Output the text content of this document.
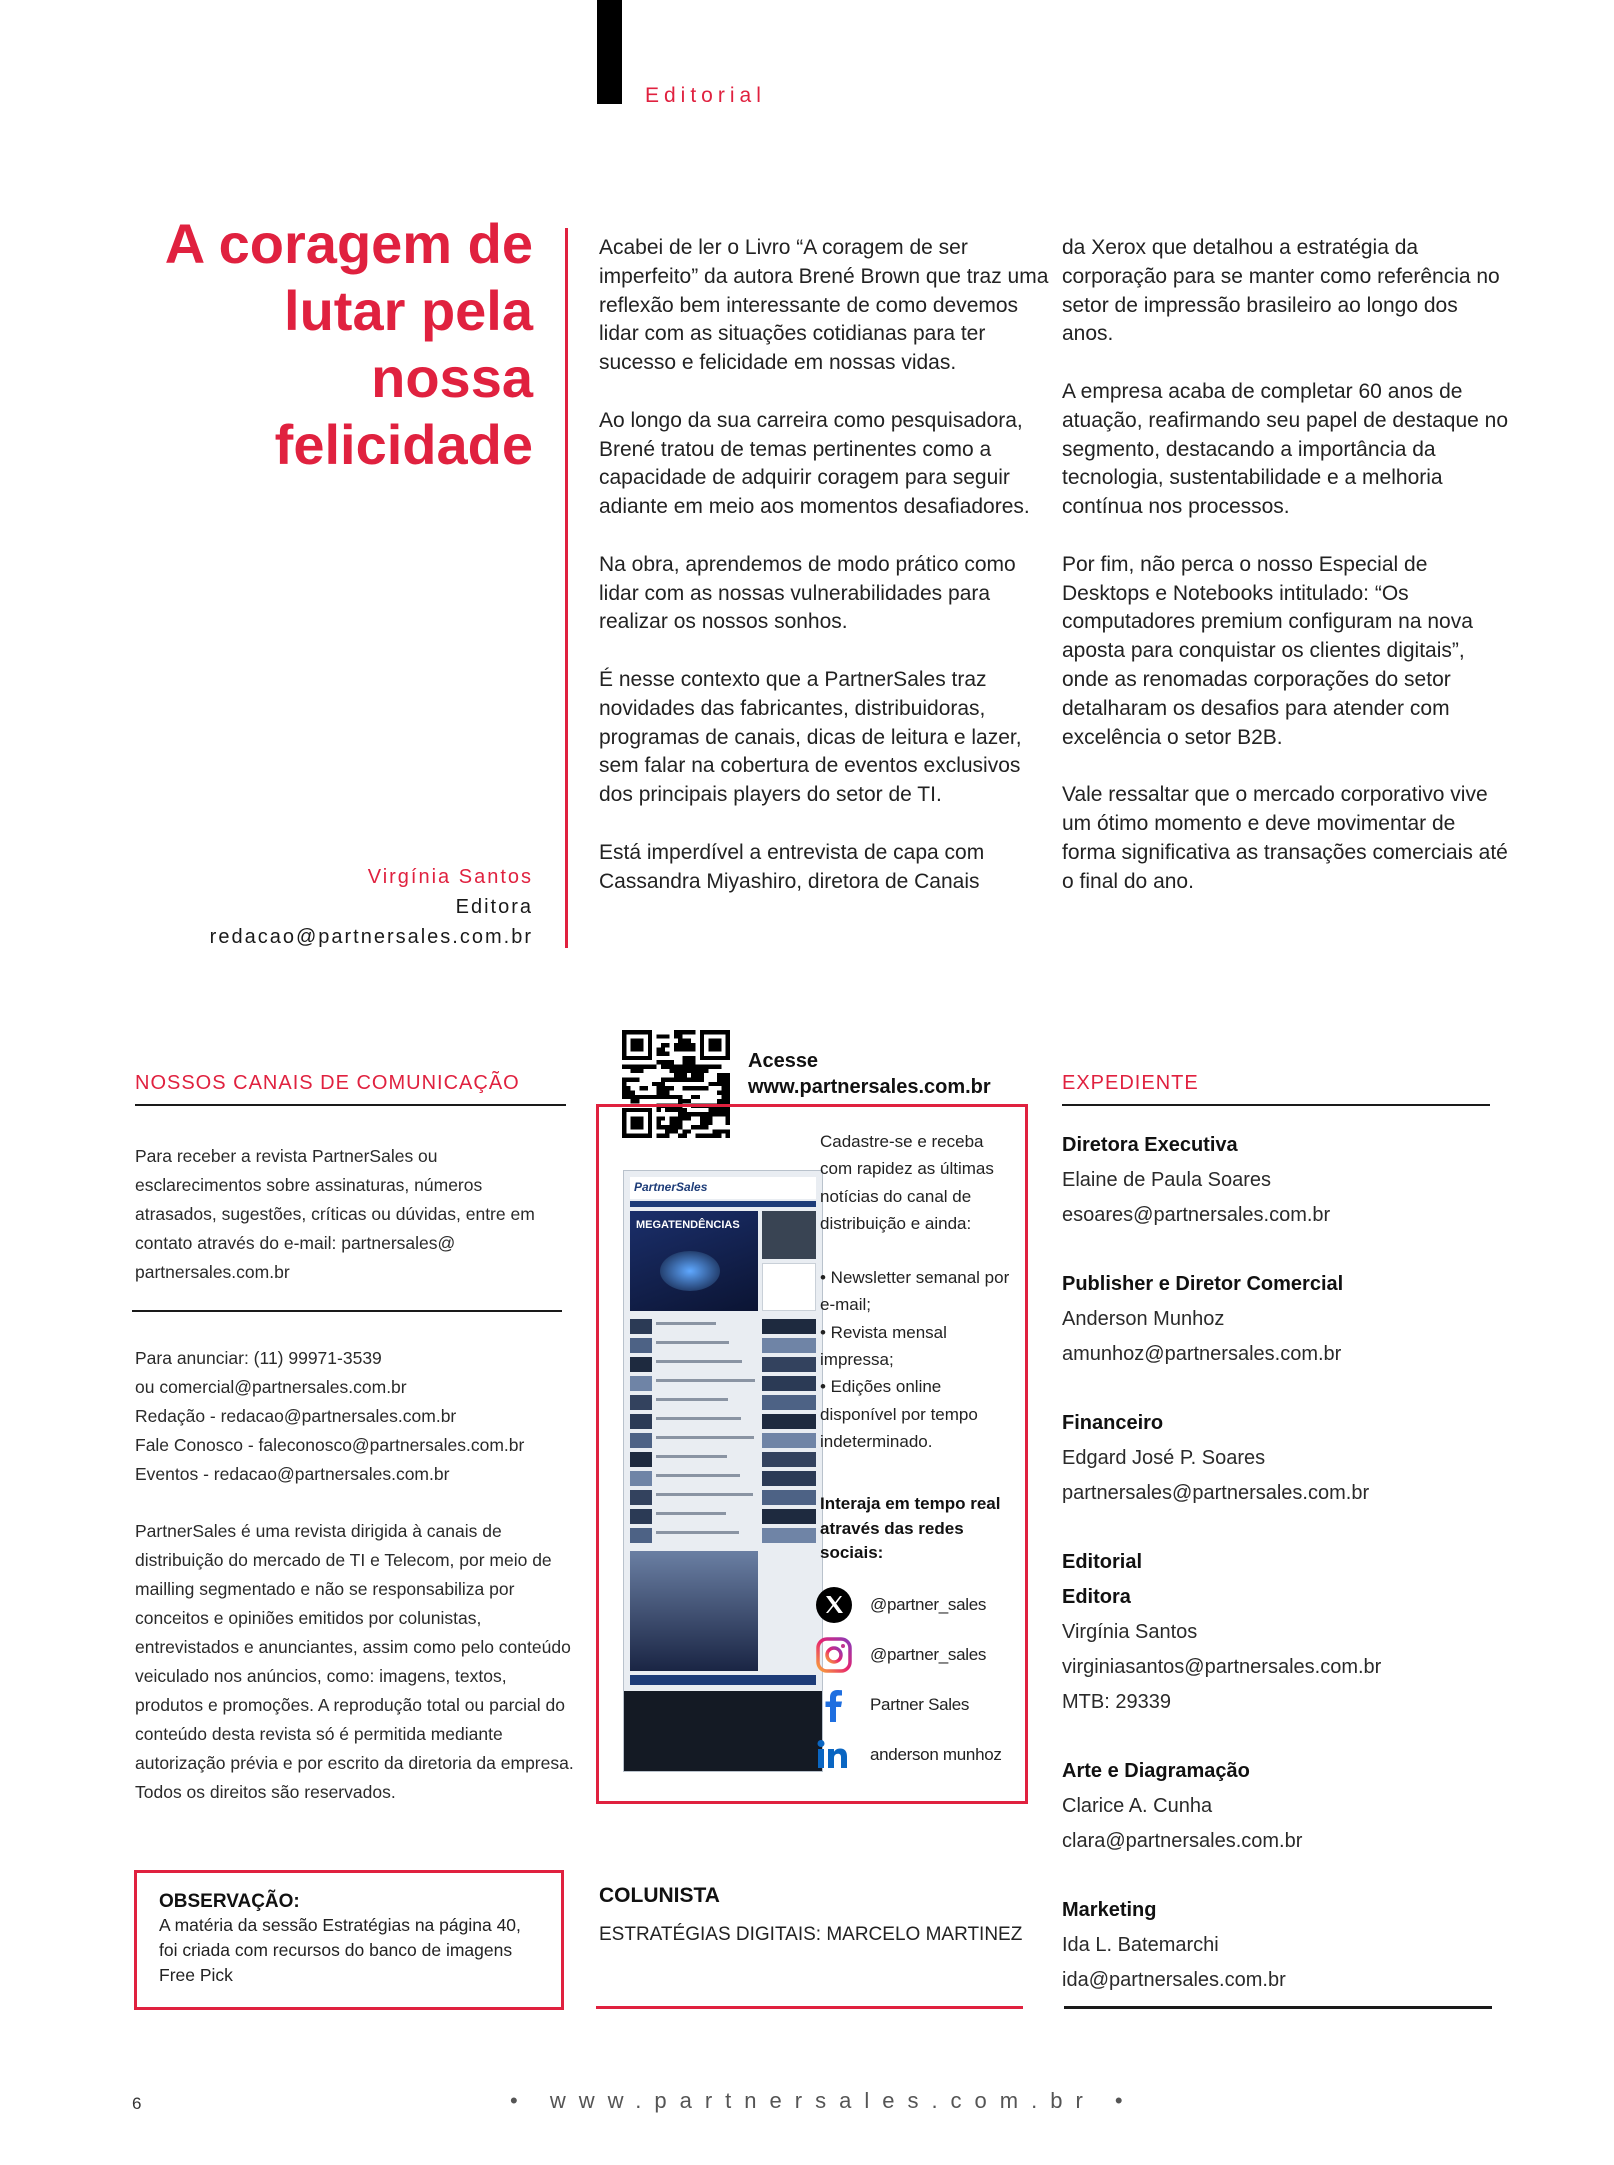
Editorial
A coragem de lutar pela nossa felicidade
Virgínia Santos
Editora
redacao@partnersales.com.br

Acabei de ler o Livro “A coragem de ser imperfeito” da autora Brené Brown que traz uma reflexão bem interessante de como devemos lidar com as situações cotidianas para ter sucesso e felicidade em nossas vidas.

Ao longo da sua carreira como pesquisadora, Brené tratou de temas pertinentes como a capacidade de adquirir coragem para seguir adiante em meio aos momentos desafiadores.

Na obra, aprendemos de modo prático como lidar com as nossas vulnerabilidades para realizar os nossos sonhos.

É nesse contexto que a PartnerSales traz novidades das fabricantes, distribuidoras, programas de canais, dicas de leitura e lazer, sem falar na cobertura de eventos exclusivos dos principais players do setor de TI.

Está imperdível a entrevista de capa com Cassandra Miyashiro, diretora de Canais

da Xerox que detalhou a estratégia da corporação para se manter como referência no setor de impressão brasileiro ao longo dos anos.

A empresa acaba de completar 60 anos de atuação, reafirmando seu papel de destaque no segmento, destacando a importância da tecnologia, sustentabilidade e a melhoria contínua nos processos.

Por fim, não perca o nosso Especial de Desktops e Notebooks intitulado: “Os computadores premium configuram na nova aposta para conquistar os clientes digitais”, onde as renomadas corporações do setor detalharam os desafios para atender com excelência o setor B2B.

Vale ressaltar que o mercado corporativo vive um ótimo momento e deve movimentar de forma significativa as transações comerciais até o final do ano.

NOSSOS CANAIS DE COMUNICAÇÃO
Para receber a revista PartnerSales ou esclarecimentos sobre assinaturas, números atrasados, sugestões, críticas ou dúvidas, entre em contato através do e-mail: partnersales@ partnersales.com.br
Para anunciar: (11) 99971-3539
ou comercial@partnersales.com.br
Redação - redacao@partnersales.com.br
Fale Conosco - faleconosco@partnersales.com.br
Eventos - redacao@partnersales.com.br
PartnerSales é uma revista dirigida à canais de distribuição do mercado de TI e Telecom, por meio de mailling segmentado e não se responsabiliza por conceitos e opiniões emitidos por colunistas, entrevistados e anunciantes, assim como pelo conteúdo veiculado nos anúncios, como: imagens, textos, produtos e promoções. A reprodução total ou parcial do conteúdo desta revista só é permitida mediante autorização prévia e por escrito da diretoria da empresa. Todos os direitos são reservados.
OBSERVAÇÃO:
A matéria da sessão Estratégias na página 40, foi criada com recursos do banco de imagens Free Pick
Acesse
www.partnersales.com.br
PartnerSales
MEGATENDÊNCIAS
Cadastre-se e receba com rapidez as últimas notícias do canal de distribuição e ainda:
• Newsletter semanal por e-mail;
• Revista mensal impressa;
• Edições online disponível por tempo indeterminado.
Interaja em tempo real através das redes sociais:
@partner_sales
@partner_sales
Partner Sales
anderson munhoz
COLUNISTA
ESTRATÉGIAS DIGITAIS: MARCELO MARTINEZ
EXPEDIENTE
Diretora Executiva
Elaine de Paula Soares
esoares@partnersales.com.br
Publisher e Diretor Comercial
Anderson Munhoz
amunhoz@partnersales.com.br
Financeiro
Edgard José P. Soares
partnersales@partnersales.com.br
Editorial
Editora
Virgínia Santos
virginiasantos@partnersales.com.br
MTB: 29339
Arte e Diagramação
Clarice A. Cunha
clara@partnersales.com.br
Marketing
Ida L. Batemarchi
ida@partnersales.com.br
6	• www.partnersales.com.br •
